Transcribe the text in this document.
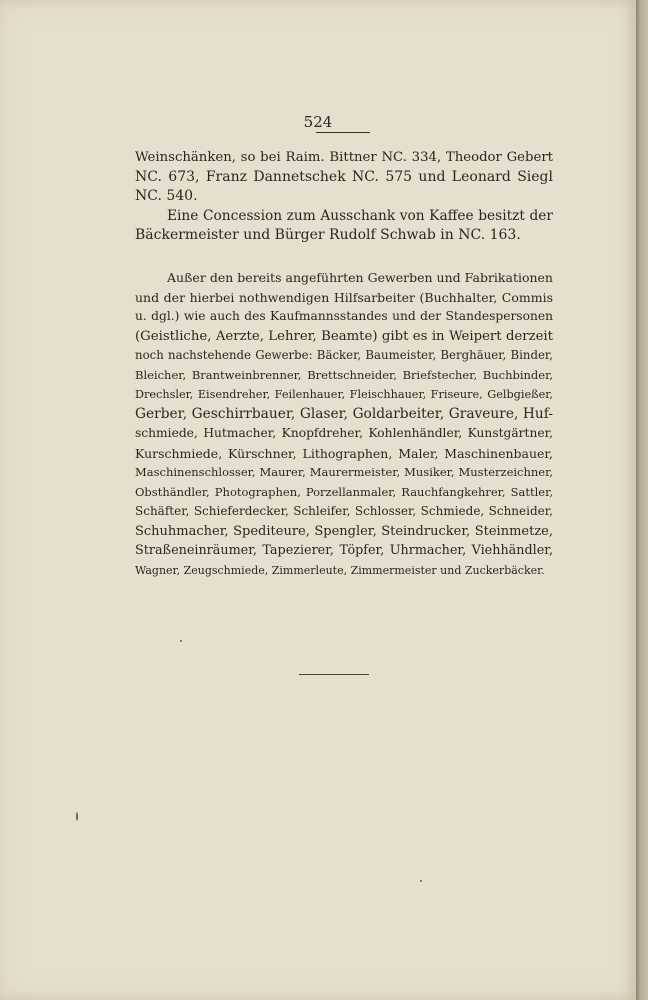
524
Weinschänken, so bei Raim. Bittner NC. 334, Theodor Gebert
NC. 673, Franz Dannetschek NC. 575 und Leonard Siegl
NC. 540.
Eine Concession zum Ausschank von Kaffee besitzt der
Bäckermeister und Bürger Rudolf Schwab in NC. 163.
Außer den bereits angeführten Gewerben und Fabrikationen
und der hierbei nothwendigen Hilfsarbeiter (Buchhalter, Commis
u. dgl.) wie auch des Kaufmannsstandes und der Standespersonen
(Geistliche, Aerzte, Lehrer, Beamte) gibt es in Weipert derzeit
noch nachstehende Gewerbe: Bäcker, Baumeister, Berghäuer, Binder,
Bleicher, Brantweinbrenner, Brettschneider, Briefstecher, Buchbinder,
Drechsler, Eisendreher, Feilenhauer, Fleischhauer, Friseure, Gelbgießer,
Gerber, Geschirrbauer, Glaser, Goldarbeiter, Graveure, Huf-
schmiede, Hutmacher, Knopfdreher, Kohlenhändler, Kunstgärtner,
Kurschmiede, Kürschner, Lithographen, Maler, Maschinenbauer,
Maschinenschlosser, Maurer, Maurermeister, Musiker, Musterzeichner,
Obsthändler, Photographen, Porzellanmaler, Rauchfangkehrer, Sattler,
Schäfter, Schieferdecker, Schleifer, Schlosser, Schmiede, Schneider,
Schuhmacher, Spediteure, Spengler, Steindrucker, Steinmetze,
Straßeneinräumer, Tapezierer, Töpfer, Uhrmacher, Viehhändler,
Wagner, Zeugschmiede, Zimmerleute, Zimmermeister und Zuckerbäcker.
